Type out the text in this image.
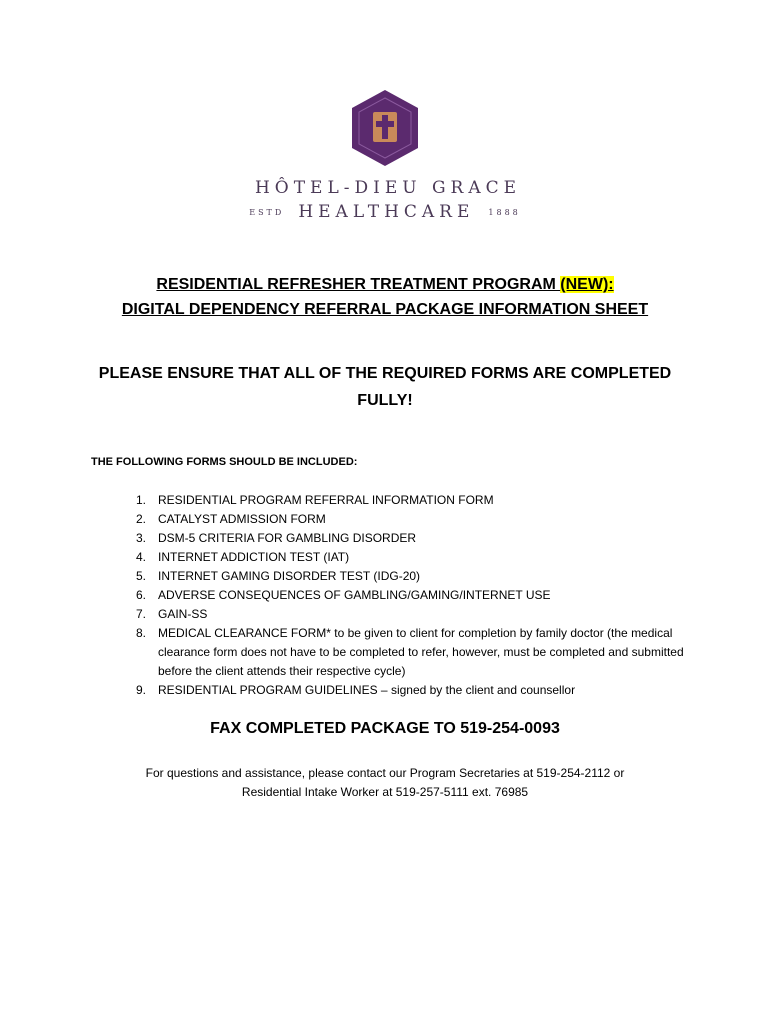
HÔTEL-DIEU GRACE
ESTD HEALTHCARE 1888
RESIDENTIAL REFRESHER TREATMENT PROGRAM (NEW):
DIGITAL DEPENDENCY REFERRAL PACKAGE INFORMATION SHEET
PLEASE ENSURE THAT ALL OF THE REQUIRED FORMS ARE COMPLETED
FULLY!
THE FOLLOWING FORMS SHOULD BE INCLUDED:
1. RESIDENTIAL PROGRAM REFERRAL INFORMATION FORM
2. CATALYST ADMISSION FORM
3. DSM-5 CRITERIA FOR GAMBLING DISORDER
4. INTERNET ADDICTION TEST (IAT)
5. INTERNET GAMING DISORDER TEST (IDG-20)
6. ADVERSE CONSEQUENCES OF GAMBLING/GAMING/INTERNET USE
7. GAIN-SS
8. MEDICAL CLEARANCE FORM* to be given to client for completion by family doctor (the medical clearance form does not have to be completed to refer, however, must be completed and submitted before the client attends their respective cycle)
9. RESIDENTIAL PROGRAM GUIDELINES – signed by the client and counsellor
FAX COMPLETED PACKAGE TO 519-254-0093
For questions and assistance, please contact our Program Secretaries at 519-254-2112 or
Residential Intake Worker at 519-257-5111 ext. 76985
